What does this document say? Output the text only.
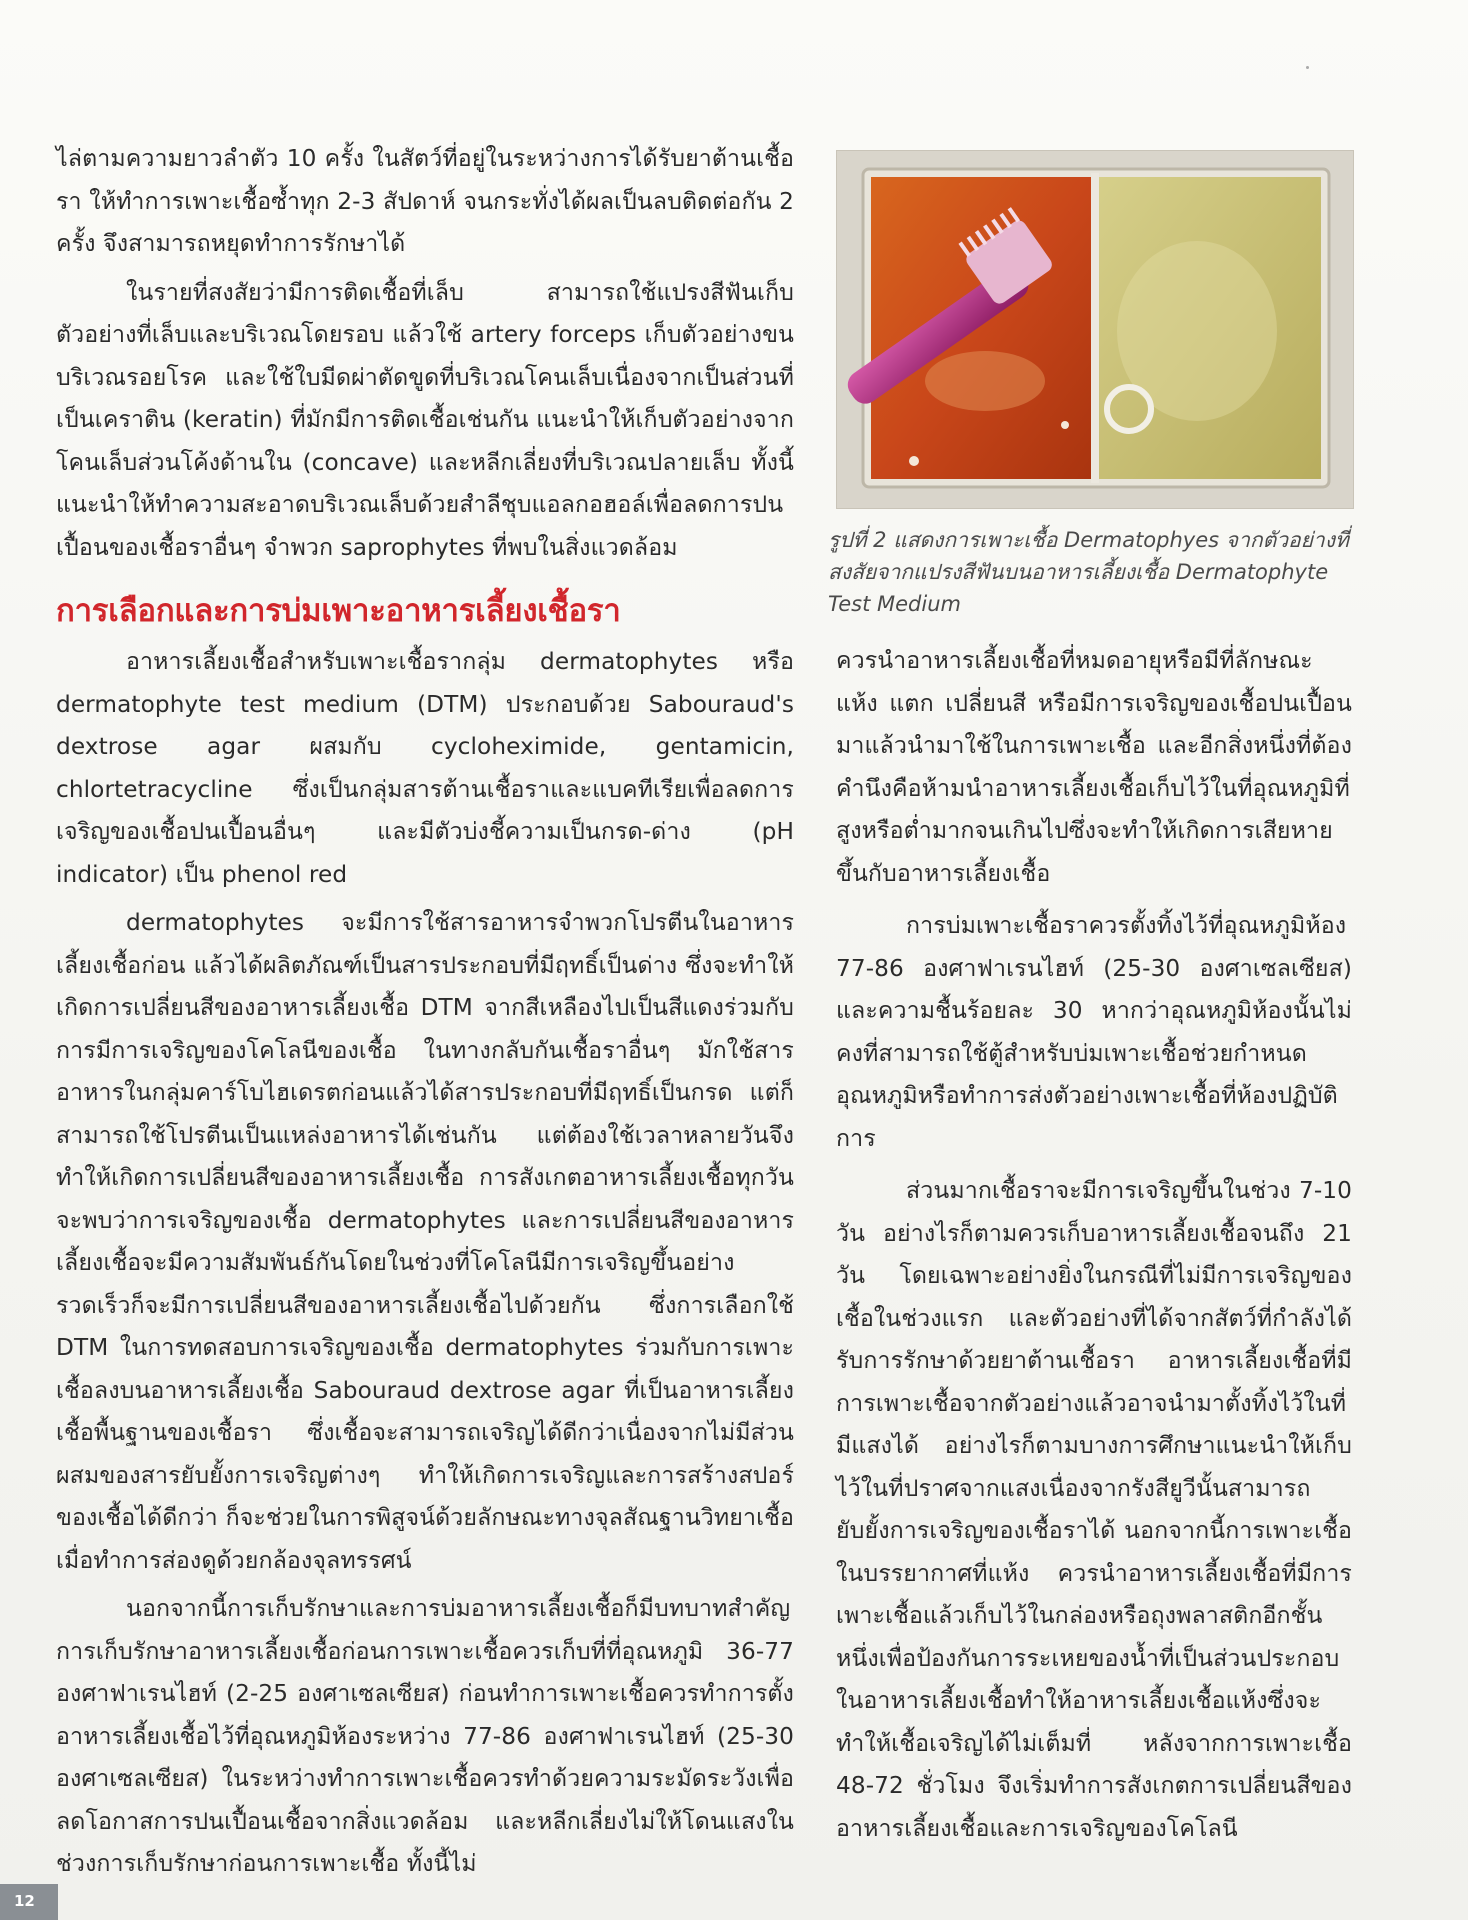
ไล่ตามความยาวลำตัว 10 ครั้ง ในสัตว์ที่อยู่ในระหว่างการได้รับยาต้านเชื้อรา ให้ทำการเพาะเชื้อซ้ำทุก 2-3 สัปดาห์ จนกระทั่งได้ผลเป็นลบติดต่อกัน 2 ครั้ง จึงสามารถหยุดทำการรักษาได้

ในรายที่สงสัยว่ามีการติดเชื้อที่เล็บ สามารถใช้แปรงสีฟันเก็บตัวอย่างที่เล็บและบริเวณโดยรอบ แล้วใช้ artery forceps เก็บตัวอย่างขนบริเวณรอยโรค และใช้ใบมีดผ่าตัดขูดที่บริเวณโคนเล็บเนื่องจากเป็นส่วนที่เป็นเคราติน (keratin) ที่มักมีการติดเชื้อเช่นกัน แนะนำให้เก็บตัวอย่างจากโคนเล็บส่วนโค้งด้านใน (concave) และหลีกเลี่ยงที่บริเวณปลายเล็บ ทั้งนี้แนะนำให้ทำความสะอาดบริเวณเล็บด้วยสำลีชุบแอลกอฮอล์เพื่อลดการปนเปื้อนของเชื้อราอื่นๆ จำพวก saprophytes ที่พบในสิ่งแวดล้อม

การเลือกและการบ่มเพาะอาหารเลี้ยงเชื้อรา

อาหารเลี้ยงเชื้อสำหรับเพาะเชื้อรากลุ่ม dermatophytes หรือ dermatophyte test medium (DTM) ประกอบด้วย Sabouraud's dextrose agar ผสมกับ cycloheximide, gentamicin, chlortetracycline ซึ่งเป็นกลุ่มสารต้านเชื้อราและแบคทีเรียเพื่อลดการเจริญของเชื้อปนเปื้อนอื่นๆ และมีตัวบ่งชี้ความเป็นกรด-ด่าง (pH indicator) เป็น phenol red

dermatophytes จะมีการใช้สารอาหารจำพวกโปรตีนในอาหารเลี้ยงเชื้อก่อน แล้วได้ผลิตภัณฑ์เป็นสารประกอบที่มีฤทธิ์เป็นด่าง ซึ่งจะทำให้เกิดการเปลี่ยนสีของอาหารเลี้ยงเชื้อ DTM จากสีเหลืองไปเป็นสีแดงร่วมกับการมีการเจริญของโคโลนีของเชื้อ ในทางกลับกันเชื้อราอื่นๆ มักใช้สารอาหารในกลุ่มคาร์โบไฮเดรตก่อนแล้วได้สารประกอบที่มีฤทธิ์เป็นกรด แต่ก็สามารถใช้โปรตีนเป็นแหล่งอาหารได้เช่นกัน แต่ต้องใช้เวลาหลายวันจึงทำให้เกิดการเปลี่ยนสีของอาหารเลี้ยงเชื้อ การสังเกตอาหารเลี้ยงเชื้อทุกวัน จะพบว่าการเจริญของเชื้อ dermatophytes และการเปลี่ยนสีของอาหารเลี้ยงเชื้อจะมีความสัมพันธ์กันโดยในช่วงที่โคโลนีมีการเจริญขึ้นอย่างรวดเร็วก็จะมีการเปลี่ยนสีของอาหารเลี้ยงเชื้อไปด้วยกัน ซึ่งการเลือกใช้ DTM ในการทดสอบการเจริญของเชื้อ dermatophytes ร่วมกับการเพาะเชื้อลงบนอาหารเลี้ยงเชื้อ Sabouraud dextrose agar ที่เป็นอาหารเลี้ยงเชื้อพื้นฐานของเชื้อรา ซึ่งเชื้อจะสามารถเจริญได้ดีกว่าเนื่องจากไม่มีส่วนผสมของสารยับยั้งการเจริญต่างๆ ทำให้เกิดการเจริญและการสร้างสปอร์ของเชื้อได้ดีกว่า ก็จะช่วยในการพิสูจน์ด้วยลักษณะทางจุลสัณฐานวิทยาเชื้อเมื่อทำการส่องดูด้วยกล้องจุลทรรศน์

นอกจากนี้การเก็บรักษาและการบ่มอาหารเลี้ยงเชื้อก็มีบทบาทสำคัญ การเก็บรักษาอาหารเลี้ยงเชื้อก่อนการเพาะเชื้อควรเก็บที่ที่อุณหภูมิ 36-77 องศาฟาเรนไฮท์ (2-25 องศาเซลเซียส) ก่อนทำการเพาะเชื้อควรทำการตั้งอาหารเลี้ยงเชื้อไว้ที่อุณหภูมิห้องระหว่าง 77-86 องศาฟาเรนไฮท์ (25-30 องศาเซลเซียส) ในระหว่างทำการเพาะเชื้อควรทำด้วยความระมัดระวังเพื่อลดโอกาสการปนเปื้อนเชื้อจากสิ่งแวดล้อม และหลีกเลี่ยงไม่ให้โดนแสงในช่วงการเก็บรักษาก่อนการเพาะเชื้อ ทั้งนี้ไม่

รูปที่ 2 แสดงการเพาะเชื้อ Dermatophyes จากตัวอย่างที่สงสัยจากแปรงสีฟันบนอาหารเลี้ยงเชื้อ Dermatophyte Test Medium

ควรนำอาหารเลี้ยงเชื้อที่หมดอายุหรือมีที่ลักษณะแห้ง แตก เปลี่ยนสี หรือมีการเจริญของเชื้อปนเปื้อนมาแล้วนำมาใช้ในการเพาะเชื้อ และอีกสิ่งหนึ่งที่ต้องคำนึงคือห้ามนำอาหารเลี้ยงเชื้อเก็บไว้ในที่อุณหภูมิที่สูงหรือต่ำมากจนเกินไปซึ่งจะทำให้เกิดการเสียหายขึ้นกับอาหารเลี้ยงเชื้อ

การบ่มเพาะเชื้อราควรตั้งทิ้งไว้ที่อุณหภูมิห้อง 77-86 องศาฟาเรนไฮท์ (25-30 องศาเซลเซียส) และความชื้นร้อยละ 30 หากว่าอุณหภูมิห้องนั้นไม่คงที่สามารถใช้ตู้สำหรับบ่มเพาะเชื้อช่วยกำหนดอุณหภูมิหรือทำการส่งตัวอย่างเพาะเชื้อที่ห้องปฏิบัติการ

ส่วนมากเชื้อราจะมีการเจริญขึ้นในช่วง 7-10 วัน อย่างไรก็ตามควรเก็บอาหารเลี้ยงเชื้อจนถึง 21 วัน โดยเฉพาะอย่างยิ่งในกรณีที่ไม่มีการเจริญของเชื้อในช่วงแรก และตัวอย่างที่ได้จากสัตว์ที่กำลังได้รับการรักษาด้วยยาต้านเชื้อรา อาหารเลี้ยงเชื้อที่มีการเพาะเชื้อจากตัวอย่างแล้วอาจนำมาตั้งทิ้งไว้ในที่มีแสงได้ อย่างไรก็ตามบางการศึกษาแนะนำให้เก็บไว้ในที่ปราศจากแสงเนื่องจากรังสียูวีนั้นสามารถยับยั้งการเจริญของเชื้อราได้ นอกจากนี้การเพาะเชื้อในบรรยากาศที่แห้ง ควรนำอาหารเลี้ยงเชื้อที่มีการเพาะเชื้อแล้วเก็บไว้ในกล่องหรือถุงพลาสติกอีกชั้นหนึ่งเพื่อป้องกันการระเหยของน้ำที่เป็นส่วนประกอบในอาหารเลี้ยงเชื้อทำให้อาหารเลี้ยงเชื้อแห้งซึ่งจะทำให้เชื้อเจริญได้ไม่เต็มที่ หลังจากการเพาะเชื้อ 48-72 ชั่วโมง จึงเริ่มทำการสังเกตการเปลี่ยนสีของอาหารเลี้ยงเชื้อและการเจริญของโคโลนี

12
